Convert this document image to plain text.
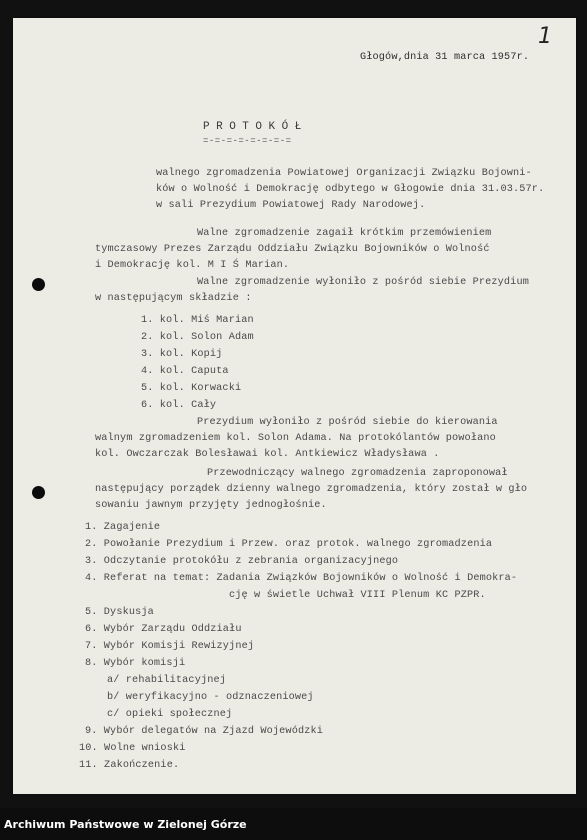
1
Głogów,dnia 31 marca 1957r.
PROTOKÓŁ
=-=-=-=-=-=-=-=
walnego zgromadzenia Powiatowej Organizacji Związku Bojowni-
ków o Wolność i Demokrację odbytego w Głogowie dnia 31.03.57r.
w sali Prezydium Powiatowej Rady Narodowej.
Walne zgromadzenie zagaił krótkim przemówieniem
tymczasowy Prezes Zarządu Oddziału Związku Bojowników o Wolność
i Demokrację kol. M I Ś Marian.
Walne zgromadzenie wyłoniło z pośród siebie Prezydium
w następującym składzie :
1. kol. Miś Marian
2. kol. Solon Adam
3. kol. Kopij
4. kol. Caputa
5. kol. Korwacki
6. kol. Cały
Prezydium wyłoniło z pośród siebie do kierowania
walnym zgromadzeniem kol. Solon Adama. Na protokólantów powołano
kol. Owczarczak Bolesławai kol. Antkiewicz Władysława .
Przewodniczący walnego zgromadzenia zaproponował
następujący porządek dzienny walnego zgromadzenia, który został w gło
sowaniu jawnym przyjęty jednogłośnie.
1. Zagajenie
2. Powołanie Prezydium i Przew. oraz protok. walnego zgromadzenia
3. Odczytanie protokółu z zebrania organizacyjnego
4. Referat na temat: Zadania Związków Bojowników o Wolność i Demokra-
cję w świetle Uchwał VIII Plenum KC PZPR.
5. Dyskusja
6. Wybór Zarządu Oddziału
7. Wybór Komisji Rewizyjnej
8. Wybór komisji
a/ rehabilitacyjnej
b/ weryfikacyjno - odznaczeniowej
c/ opieki społecznej
9. Wybór delegatów na Zjazd Wojewódzki
10. Wolne wnioski
11. Zakończenie.
Archiwum Państwowe w Zielonej Górze
